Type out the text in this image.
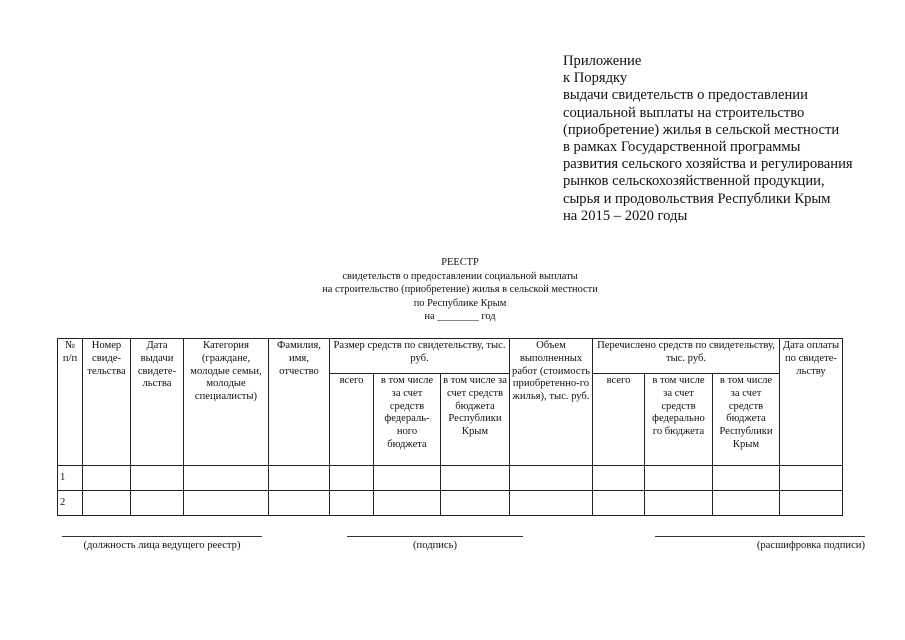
Приложение
к Порядку
выдачи свидетельств о предоставлении
социальной выплаты на строительство
(приобретение) жилья в сельской местности
в рамках Государственной программы
развития сельского хозяйства и регулирования
рынков сельскохозяйственной продукции,
сырья и продовольствия Республики Крым
на 2015 – 2020 годы
РЕЕСТР
свидетельств о предоставлении социальной выплаты
на строительство (приобретение) жилья в сельской местности
по Республике Крым
на ________ год
№ п/п	Номер свиде-тельства	Дата выдачи свидете-льства	Категория (граждане, молодые семьи, молодые специалисты)	Фамилия, имя, отчество	Размер средств по свидетельству, тыс. руб.			Объем выполненных работ (стоимость приобретенно-го жилья), тыс. руб.	Перечислено средств по свидетельству, тыс. руб.			Дата оплаты по свидете-льству
					всего	в том числе за счет средств федераль-ного бюджета	в том числе за счет средств бюджета Республики Крым		всего	в том числе за счет средств федерально го бюджета	в том числе за счет средств бюджета Республики Крым	
1												
2												
(должность лица ведущего реестр)	(подпись)	(расшифровка подписи)
